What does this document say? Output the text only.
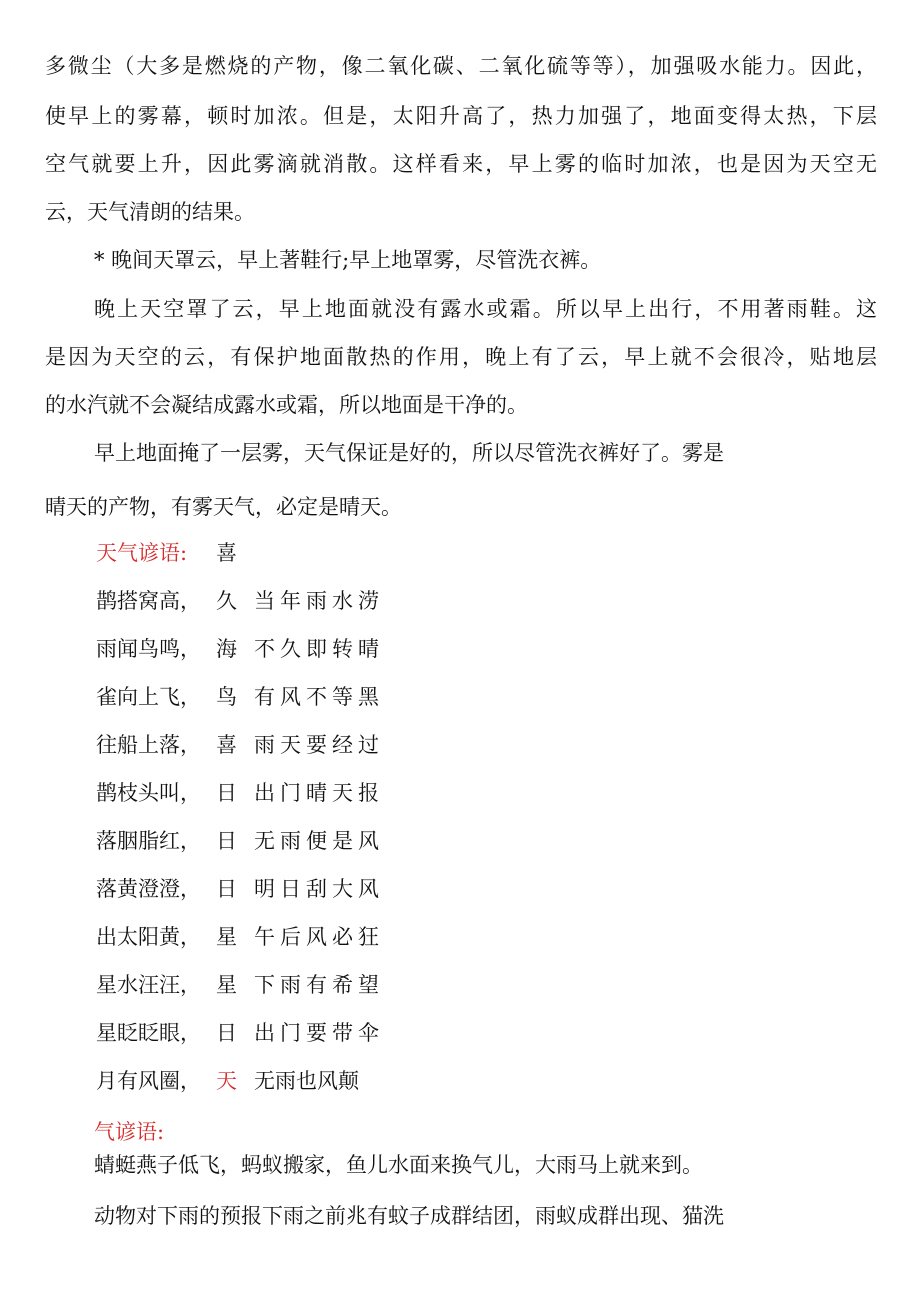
多微尘（大多是燃烧的产物，像二氧化碳、二氧化硫等等），加强吸水能力。因此，
使早上的雾幕，顿时加浓。但是，太阳升高了，热力加强了，地面变得太热，下层
空气就要上升，因此雾滴就消散。这样看来，早上雾的临时加浓，也是因为天空无
云，天气清朗的结果。
* 晚间天罩云，早上著鞋行;早上地罩雾，尽管洗衣裤。
晚上天空罩了云，早上地面就没有露水或霜。所以早上出行，不用著雨鞋。这
是因为天空的云，有保护地面散热的作用，晚上有了云，早上就不会很冷，贴地层
的水汽就不会凝结成露水或霜，所以地面是干净的。
早上地面掩了一层雾，天气保证是好的，所以尽管洗衣裤好了。雾是
晴天的产物，有雾天气，必定是晴天。
天气谚语: 喜
鹊搭窝高， 久 当年雨水涝
雨闻鸟鸣， 海 不久即转晴
雀向上飞， 鸟 有风不等黑
往船上落， 喜 雨天要经过
鹊枝头叫， 日 出门晴天报
落胭脂红， 日 无雨便是风
落黄澄澄， 日 明日刮大风
出太阳黄， 星 午后风必狂
星水汪汪， 星 下雨有希望
星眨眨眼， 日 出门要带伞
月有风圈， 天 无雨也风颠
气谚语:
蜻蜓燕子低飞，蚂蚁搬家，鱼儿水面来换气儿，大雨马上就来到。
动物对下雨的预报下雨之前兆有蚊子成群结团，雨蚁成群出现、猫洗
